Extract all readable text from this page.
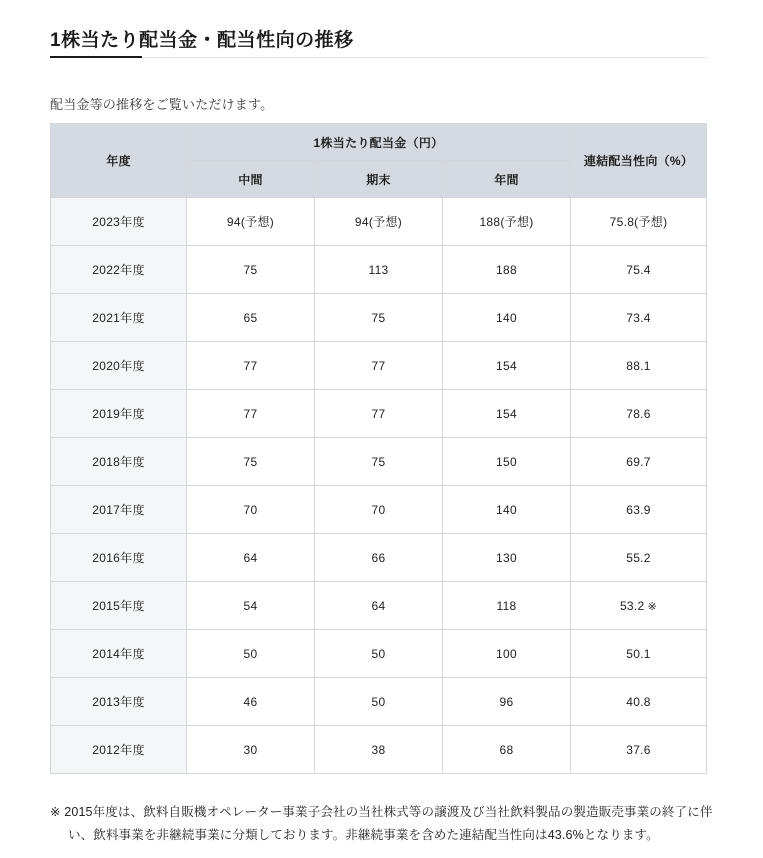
1株当たり配当金・配当性向の推移

配当金等の推移をご覧いただけます。

年度	1株当たり配当金（円）			連結配当性向（%）
	中間	期末	年間	
2023年度	94(予想)	94(予想)	188(予想)	75.8(予想)
2022年度	75	113	188	75.4
2021年度	65	75	140	73.4
2020年度	77	77	154	88.1
2019年度	77	77	154	78.6
2018年度	75	75	150	69.7
2017年度	70	70	140	63.9
2016年度	64	66	130	55.2
2015年度	54	64	118	53.2 ※
2014年度	50	50	100	50.1
2013年度	46	50	96	40.8
2012年度	30	38	68	37.6

※ 2015年度は、飲料自販機オペレーター事業子会社の当社株式等の譲渡及び当社飲料製品の製造販売事業の終了に伴い、飲料事業を非継続事業に分類しております。非継続事業を含めた連結配当性向は43.6%となります。
